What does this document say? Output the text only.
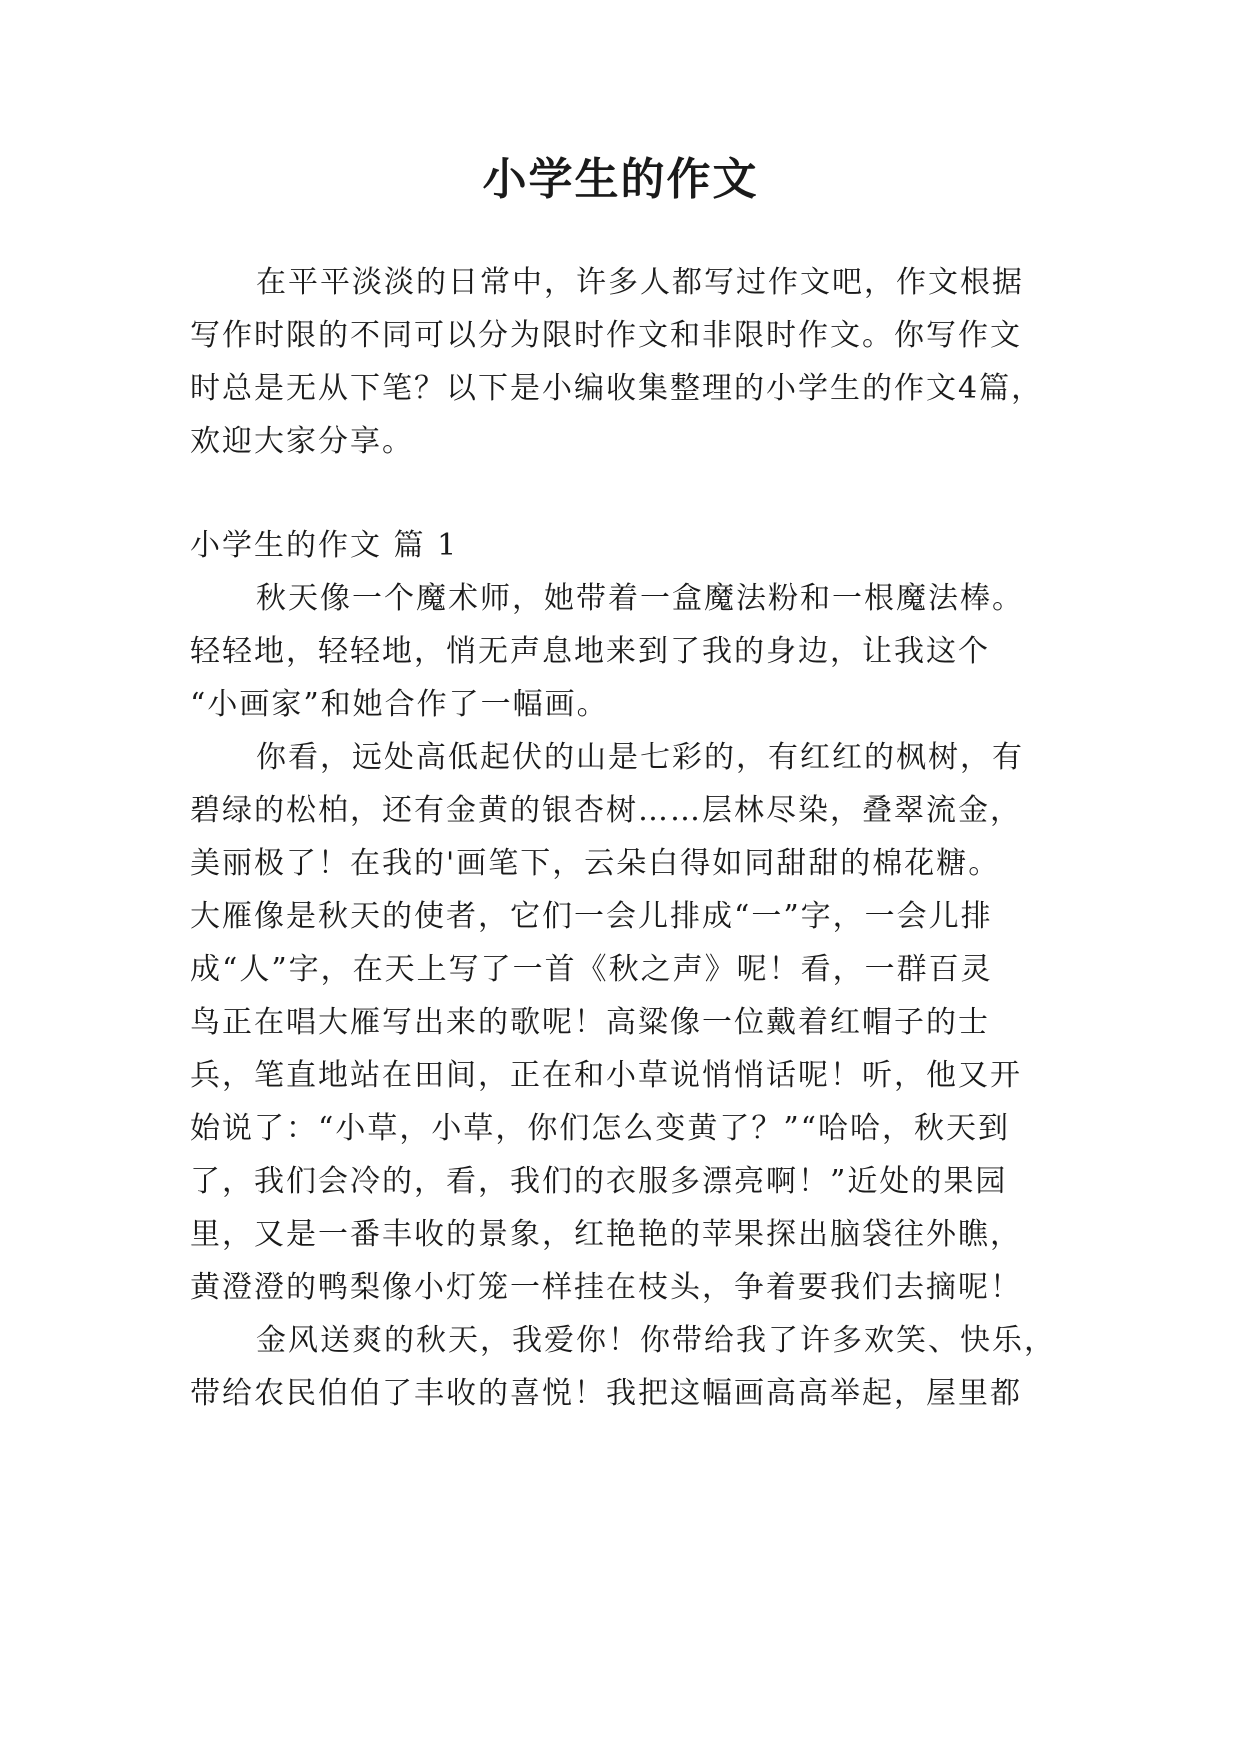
小学生的作文
在平平淡淡的日常中，许多人都写过作文吧，作文根据
写作时限的不同可以分为限时作文和非限时作文。你写作文
时总是无从下笔？以下是小编收集整理的小学生的作文4篇，
欢迎大家分享。
小学生的作文 篇 1
秋天像一个魔术师，她带着一盒魔法粉和一根魔法棒。
轻轻地，轻轻地，悄无声息地来到了我的身边，让我这个
“小画家”和她合作了一幅画。
你看，远处高低起伏的山是七彩的，有红红的枫树，有
碧绿的松柏，还有金黄的银杏树……层林尽染，叠翠流金，
美丽极了！在我的'画笔下，云朵白得如同甜甜的棉花糖。
大雁像是秋天的使者，它们一会儿排成“一”字，一会儿排
成“人”字，在天上写了一首《秋之声》呢！看，一群百灵
鸟正在唱大雁写出来的歌呢！高粱像一位戴着红帽子的士
兵，笔直地站在田间，正在和小草说悄悄话呢！听，他又开
始说了：“小草，小草，你们怎么变黄了？”“哈哈，秋天到
了，我们会冷的，看，我们的衣服多漂亮啊！”近处的果园
里，又是一番丰收的景象，红艳艳的苹果探出脑袋往外瞧，
黄澄澄的鸭梨像小灯笼一样挂在枝头，争着要我们去摘呢！
金风送爽的秋天，我爱你！你带给我了许多欢笑、快乐，
带给农民伯伯了丰收的喜悦！我把这幅画高高举起，屋里都
